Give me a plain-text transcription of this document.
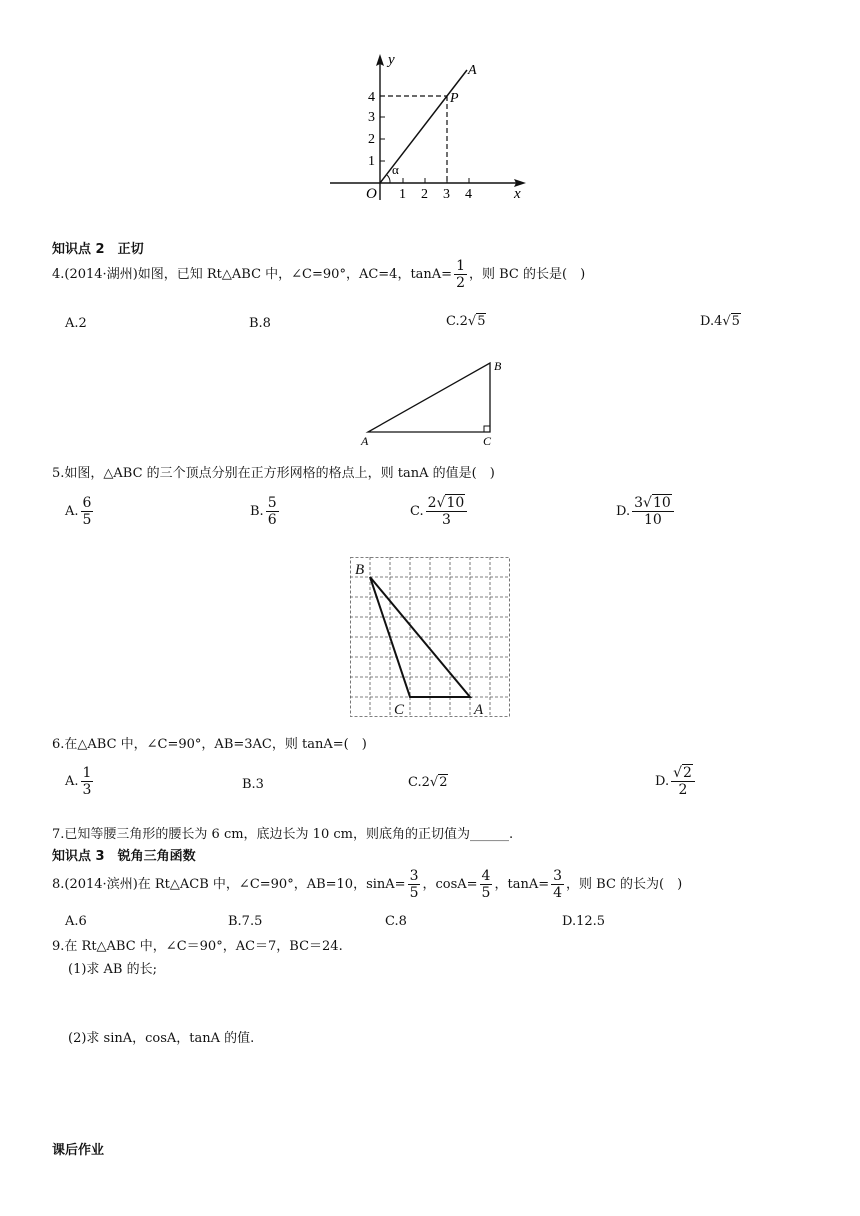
y
x
O
1
2
3
4
1 2 3 4
A
P
α
知识点 2　正切
4.(2014·湖州)如图，已知 Rt△ABC 中，∠C=90°，AC=4，$\tan A= \frac{1}{2}$ ，则 BC 的长是(　)
A.2	B.8	C.2√5	D.4√5
B
A	C
5.如图，△ABC 的三个顶点分别在正方形网格的格点上，则 tanA 的值是(　)
A. $\frac{6}{5}$	B. $\frac{5}{6}$	C. $\frac{2√10}{3}$	D. $\frac{3√10}{10}$
B
C	A
6.在△ABC 中，∠C=90°，AB=3AC，则 tanA=(　)
A. $\frac{1}{3}$	B.3	C.2√2	D. $\frac{√2}{2}$
7.已知等腰三角形的腰长为 6 cm，底边长为 10 cm，则底角的正切值为______.
知识点 3　锐角三角函数
8.(2014·滨州)在 Rt△ACB 中，∠C=90°，AB=10，$\sin A= \frac{3}{5}$ ，$\cos A= \frac{4}{5}$ ，$\tan A= \frac{3}{4}$ ，则 BC 的长为(　)
A.6	B.7.5	C.8	D.12.5
9.在 Rt△ABC 中，∠C＝90°，AC＝7，BC＝24.
(1)求 AB 的长;
(2)求 sinA，cosA，tanA 的值.
课后作业
